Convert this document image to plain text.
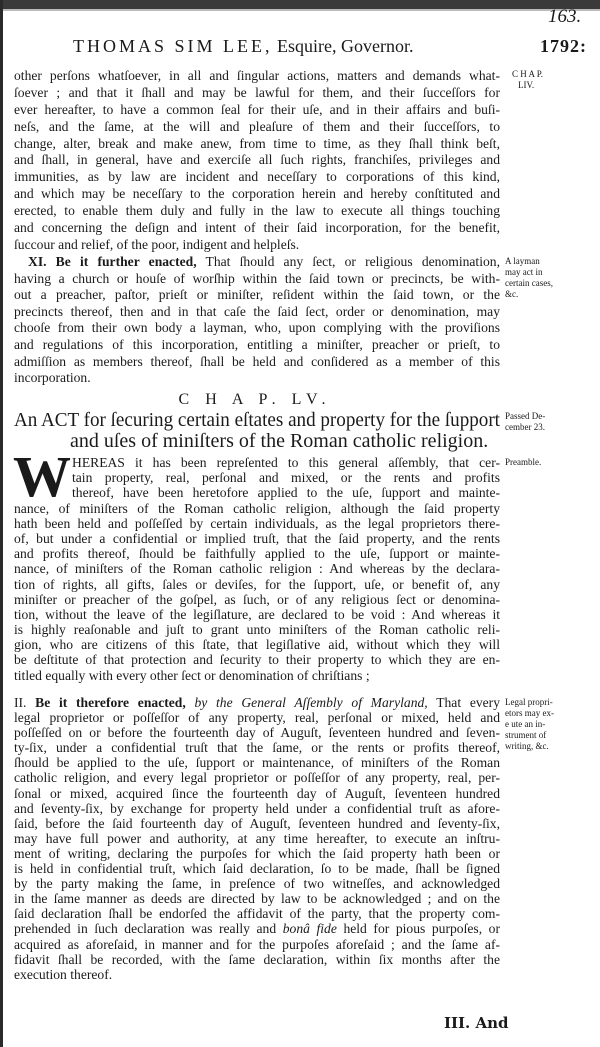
163.
THOMAS SIM LEE, Esquire, Governor.	1792:
other perſons whatſoever, in all and ſingular actions, matters and demands what-
ſoever ; and that it ſhall and may be lawful for them, and their ſucceſſors for
ever hereafter, to have a common ſeal for their uſe, and in their affairs and buſi-
neſs, and the ſame, at the will and pleaſure of them and their ſucceſſors, to
change, alter, break and make anew, from time to time, as they ſhall think beſt,
and ſhall, in general, have and exerciſe all ſuch rights, franchiſes, privileges and
immunities, as by law are incident and neceſſary to corporations of this kind,
and which may be neceſſary to the corporation herein and hereby conſtituted and
erected, to enable them duly and fully in the law to execute all things touching
and concerning the deſign and intent of their ſaid incorporation, for the benefit,
ſuccour and relief, of the poor, indigent and helpleſs.
XI. Be it further enacted, That ſhould any ſect, or religious denomination,
having a church or houſe of worſhip within the ſaid town or precincts, be with-
out a preacher, paſtor, prieſt or miniſter, reſident within the ſaid town, or the
precincts thereof, then and in that caſe the ſaid ſect, order or denomination, may
chooſe from their own body a layman, who, upon complying with the proviſions
and regulations of this incorporation, entitling a miniſter, preacher or prieſt, to
admiſſion as members thereof, ſhall be held and conſidered as a member of this
incorporation.
C H A P. LV.
An ACT for ſecuring certain eſtates and property for the ſupport
and uſes of miniſters of the Roman catholic religion.
W HEREAS it has been repreſented to this general aſſembly, that cer-
tain property, real, perſonal and mixed, or the rents and profits
thereof, have been heretofore applied to the uſe, ſupport and mainte-
nance, of miniſters of the Roman catholic religion, although the ſaid property
hath been held and poſſeſſed by certain individuals, as the legal proprietors there-
of, but under a confidential or implied truſt, that the ſaid property, and the rents
and profits thereof, ſhould be faithfully applied to the uſe, ſupport or mainte-
nance, of miniſters of the Roman catholic religion : And whereas by the declara-
tion of rights, all gifts, ſales or deviſes, for the ſupport, uſe, or benefit of, any
miniſter or preacher of the goſpel, as ſuch, or of any religious ſect or denomina-
tion, without the leave of the legiſlature, are declared to be void : And whereas it
is highly reaſonable and juſt to grant unto miniſters of the Roman catholic reli-
gion, who are citizens of this ſtate, that legiſlative aid, without which they will
be deſtitute of that protection and ſecurity to their property to which they are en-
titled equally with every other ſect or denomination of chriſtians ;
II. Be it therefore enacted, by the General Aſſembly of Maryland, That every
legal proprietor or poſſeſſor of any property, real, perſonal or mixed, held and
poſſeſſed on or before the fourteenth day of Auguſt, ſeventeen hundred and ſeven-
ty-ſix, under a confidential truſt that the ſame, or the rents or profits thereof,
ſhould be applied to the uſe, ſupport or maintenance, of miniſters of the Roman
catholic religion, and every legal proprietor or poſſeſſor of any property, real, per-
ſonal or mixed, acquired ſince the fourteenth day of Auguſt, ſeventeen hundred
and ſeventy-ſix, by exchange for property held under a confidential truſt as afore-
ſaid, before the ſaid fourteenth day of Auguſt, ſeventeen hundred and ſeventy-ſix,
may have full power and authority, at any time hereafter, to execute an inſtru-
ment of writing, declaring the purpoſes for which the ſaid property hath been or
is held in confidential truſt, which ſaid declaration, ſo to be made, ſhall be ſigned
by the party making the ſame, in preſence of two witneſſes, and acknowledged
in the ſame manner as deeds are directed by law to be acknowledged ; and on the
ſaid declaration ſhall be endorſed the affidavit of the party, that the property com-
prehended in ſuch declaration was really and bonâ fide held for pious purpoſes, or
acquired as aforeſaid, in manner and for the purpoſes aforeſaid ; and the ſame af-
fidavit ſhall be recorded, with the ſame declaration, within ſix months after the
execution thereof.
C H A P.
LIV.
A layman
may act in
certain cases,
&c.
Passed De-
cember 23.
Preamble.
Legal propri-
etors may ex-
e ute an in-
strument of
writing, &c.
III. And
